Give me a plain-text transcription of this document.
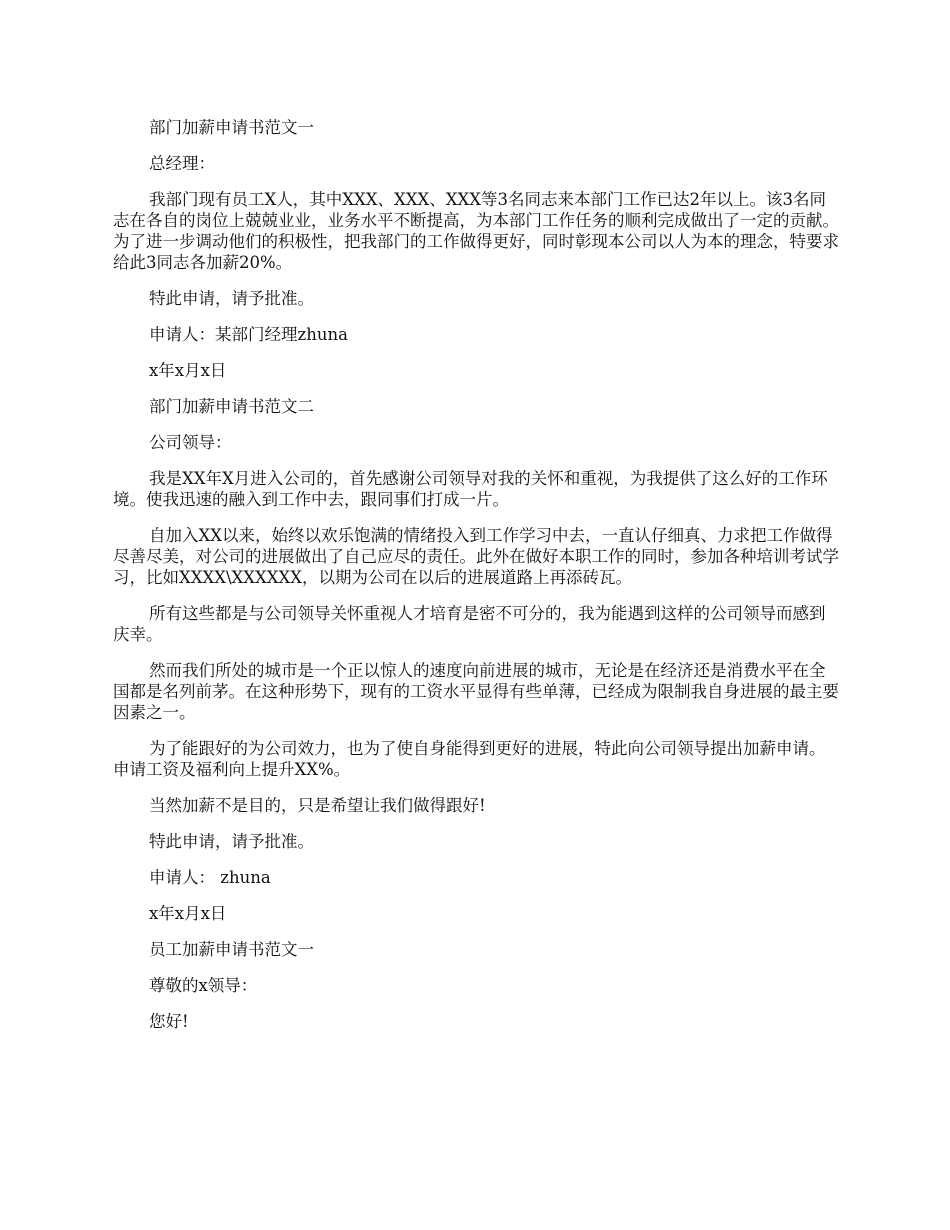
部门加薪申请书范文一

总经理：

我部门现有员工X人，其中XXX、XXX、XXX等3名同志来本部门工作已达2年以上。该3名同志在各自的岗位上兢兢业业，业务水平不断提高，为本部门工作任务的顺利完成做出了一定的贡献。为了进一步调动他们的积极性，把我部门的工作做得更好，同时彰现本公司以人为本的理念，特要求给此3同志各加薪20%。

特此申请，请予批准。

申请人：某部门经理zhuna

x年x月x日

部门加薪申请书范文二

公司领导：

我是XX年X月进入公司的，首先感谢公司领导对我的关怀和重视，为我提供了这么好的工作环境。使我迅速的融入到工作中去，跟同事们打成一片。

自加入XX以来，始终以欢乐饱满的情绪投入到工作学习中去，一直认仔细真、力求把工作做得尽善尽美，对公司的进展做出了自己应尽的责任。此外在做好本职工作的同时，参加各种培训考试学习，比如XXXX\XXXXXX，以期为公司在以后的进展道路上再添砖瓦。

所有这些都是与公司领导关怀重视人才培育是密不可分的，我为能遇到这样的公司领导而感到庆幸。

然而我们所处的城市是一个正以惊人的速度向前进展的城市，无论是在经济还是消费水平在全国都是名列前茅。在这种形势下，现有的工资水平显得有些单薄，已经成为限制我自身进展的最主要因素之一。

为了能跟好的为公司效力，也为了使自身能得到更好的进展，特此向公司领导提出加薪申请。申请工资及福利向上提升XX%。

当然加薪不是目的，只是希望让我们做得跟好!

特此申请，请予批准。

申请人： zhuna

x年x月x日

员工加薪申请书范文一

尊敬的x领导：

您好!
